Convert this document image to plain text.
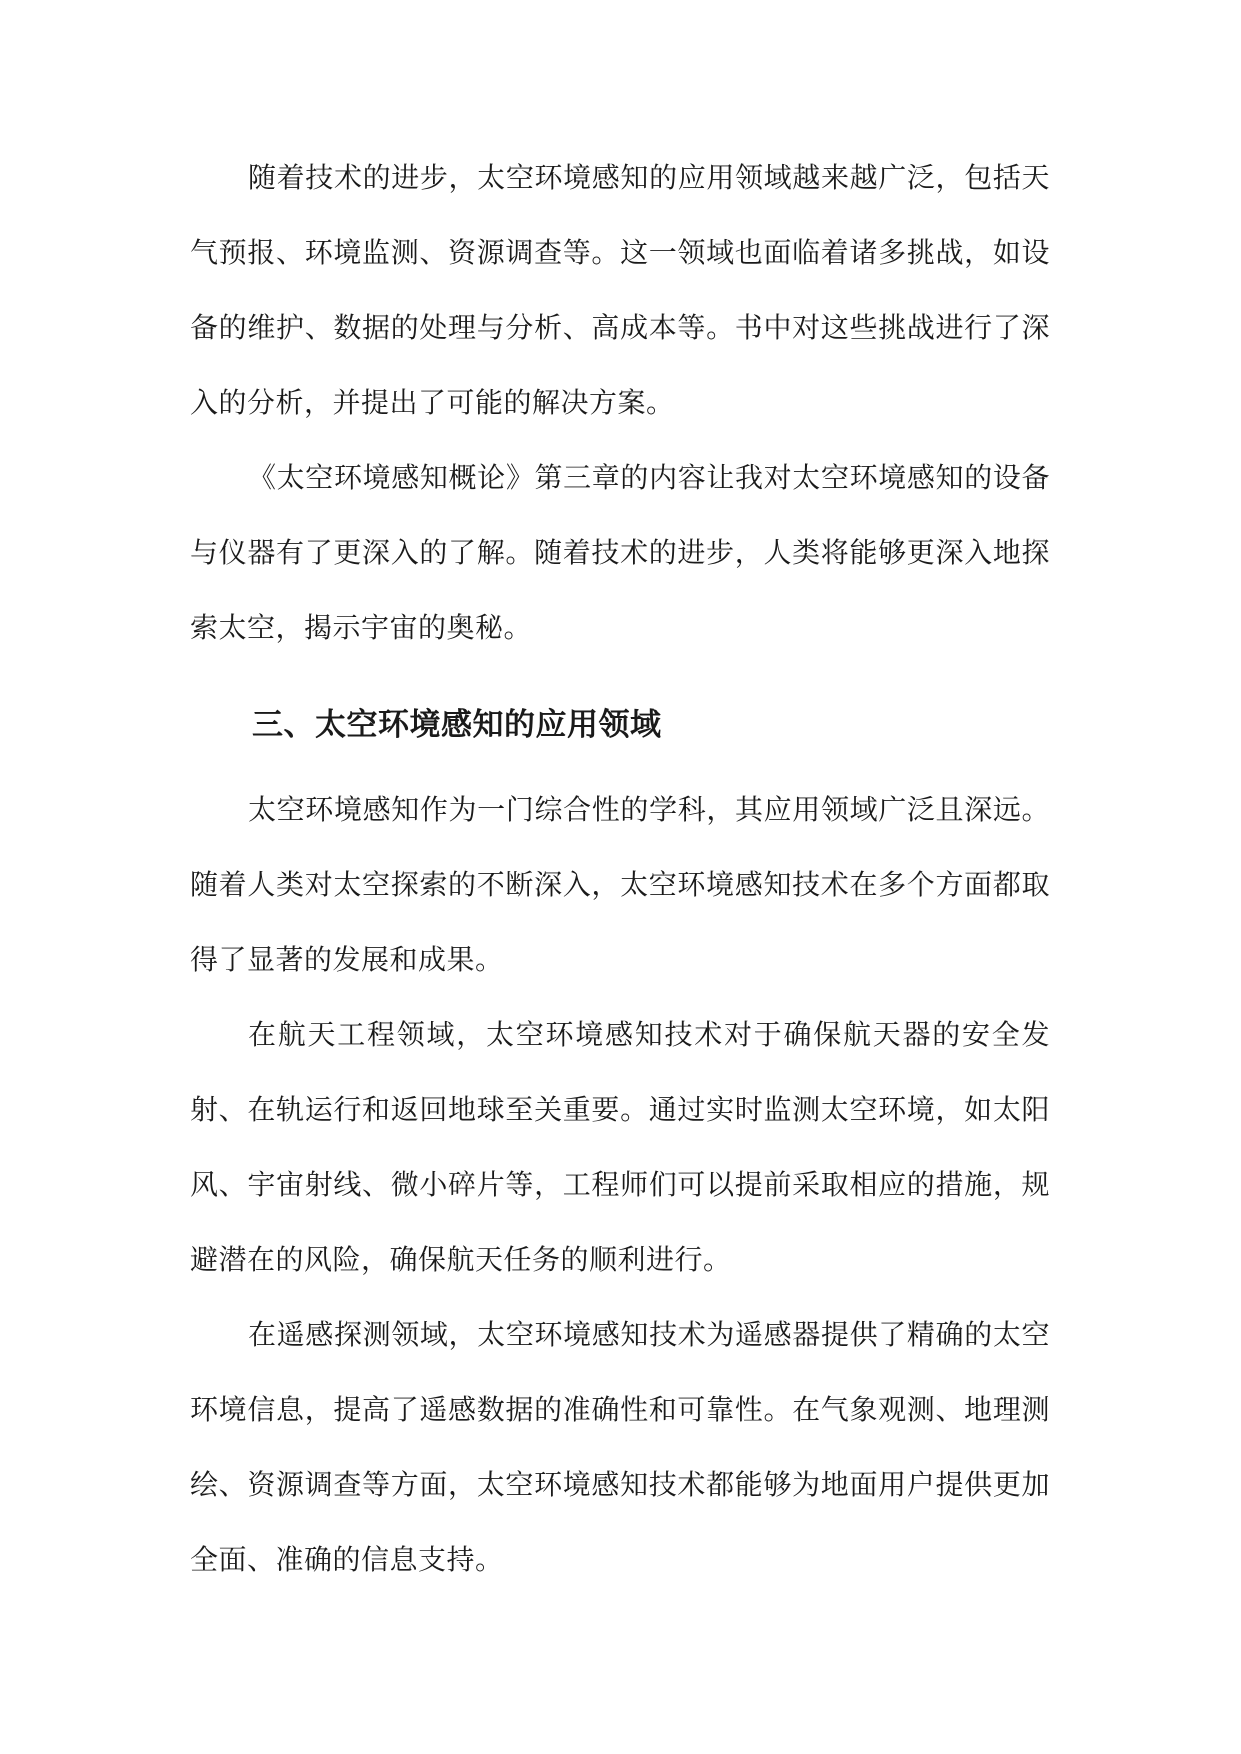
随着技术的进步，太空环境感知的应用领域越来越广泛，包括天气预报、环境监测、资源调查等。这一领域也面临着诸多挑战，如设备的维护、数据的处理与分析、高成本等。书中对这些挑战进行了深入的分析，并提出了可能的解决方案。

《太空环境感知概论》第三章的内容让我对太空环境感知的设备与仪器有了更深入的了解。随着技术的进步，人类将能够更深入地探索太空，揭示宇宙的奥秘。

三、太空环境感知的应用领域

太空环境感知作为一门综合性的学科，其应用领域广泛且深远。随着人类对太空探索的不断深入，太空环境感知技术在多个方面都取得了显著的发展和成果。

在航天工程领域，太空环境感知技术对于确保航天器的安全发射、在轨运行和返回地球至关重要。通过实时监测太空环境，如太阳风、宇宙射线、微小碎片等，工程师们可以提前采取相应的措施，规避潜在的风险，确保航天任务的顺利进行。

在遥感探测领域，太空环境感知技术为遥感器提供了精确的太空环境信息，提高了遥感数据的准确性和可靠性。在气象观测、地理测绘、资源调查等方面，太空环境感知技术都能够为地面用户提供更加全面、准确的信息支持。
